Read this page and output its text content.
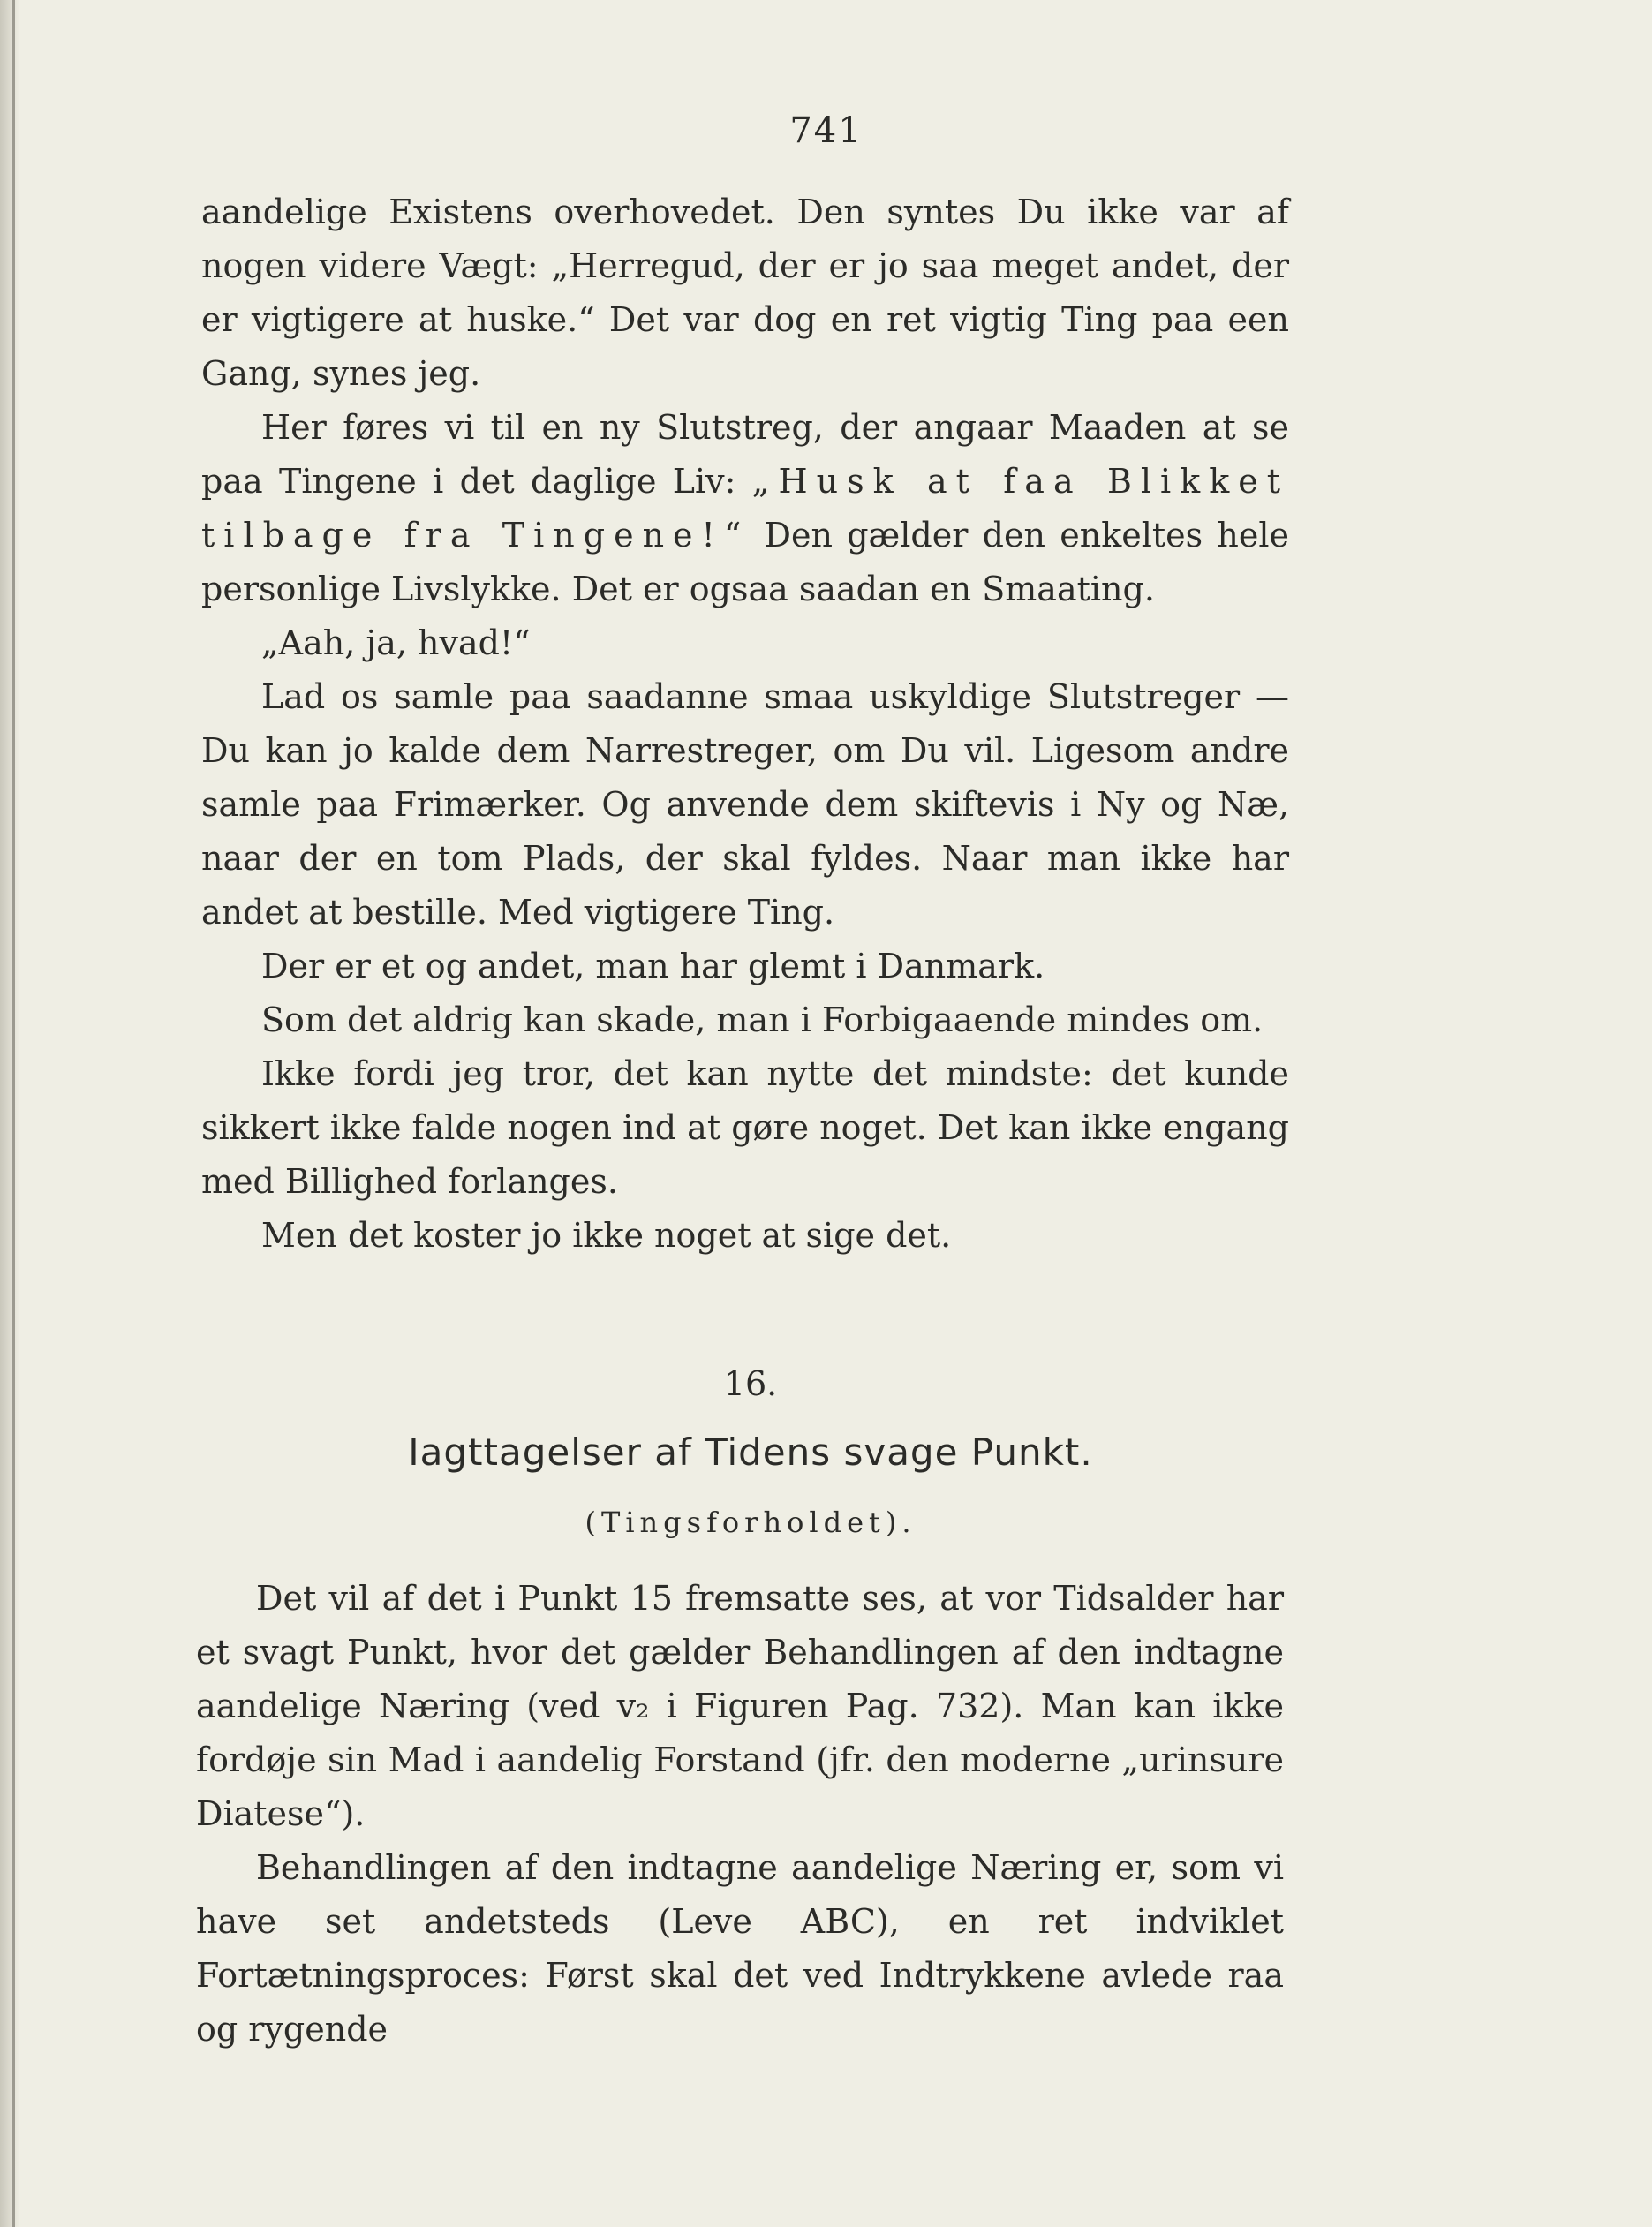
741

aandelige Existens overhovedet. Den syntes Du ikke var af nogen videre Vægt: „Herregud, der er jo saa meget andet, der er vigtigere at huske.“ Det var dog en ret vigtig Ting paa een Gang, synes jeg.

Her føres vi til en ny Slutstreg, der angaar Maaden at se paa Tingene i det daglige Liv: „Husk at faa Blikket tilbage fra Tingene!“ Den gælder den enkeltes hele personlige Livslykke. Det er ogsaa saadan en Smaating.

„Aah, ja, hvad!“

Lad os samle paa saadanne smaa uskyldige Slutstreger — Du kan jo kalde dem Narrestreger, om Du vil. Ligesom andre samle paa Frimærker. Og anvende dem skiftevis i Ny og Næ, naar der en tom Plads, der skal fyldes. Naar man ikke har andet at bestille. Med vigtigere Ting.

Der er et og andet, man har glemt i Danmark.

Som det aldrig kan skade, man i Forbigaaende mindes om.

Ikke fordi jeg tror, det kan nytte det mindste: det kunde sikkert ikke falde nogen ind at gøre noget. Det kan ikke engang med Billighed forlanges.

Men det koster jo ikke noget at sige det.

16.
Iagttagelser af Tidens svage Punkt.
(Tingsforholdet).

Det vil af det i Punkt 15 fremsatte ses, at vor Tidsalder har et svagt Punkt, hvor det gælder Behandlingen af den indtagne aandelige Næring (ved v₂ i Figuren Pag. 732). Man kan ikke fordøje sin Mad i aandelig Forstand (jfr. den moderne „urinsure Diatese“).

Behandlingen af den indtagne aandelige Næring er, som vi have set andetsteds (Leve ABC), en ret indviklet Fortætningsproces: Først skal det ved Indtrykkene avlede raa og rygende
